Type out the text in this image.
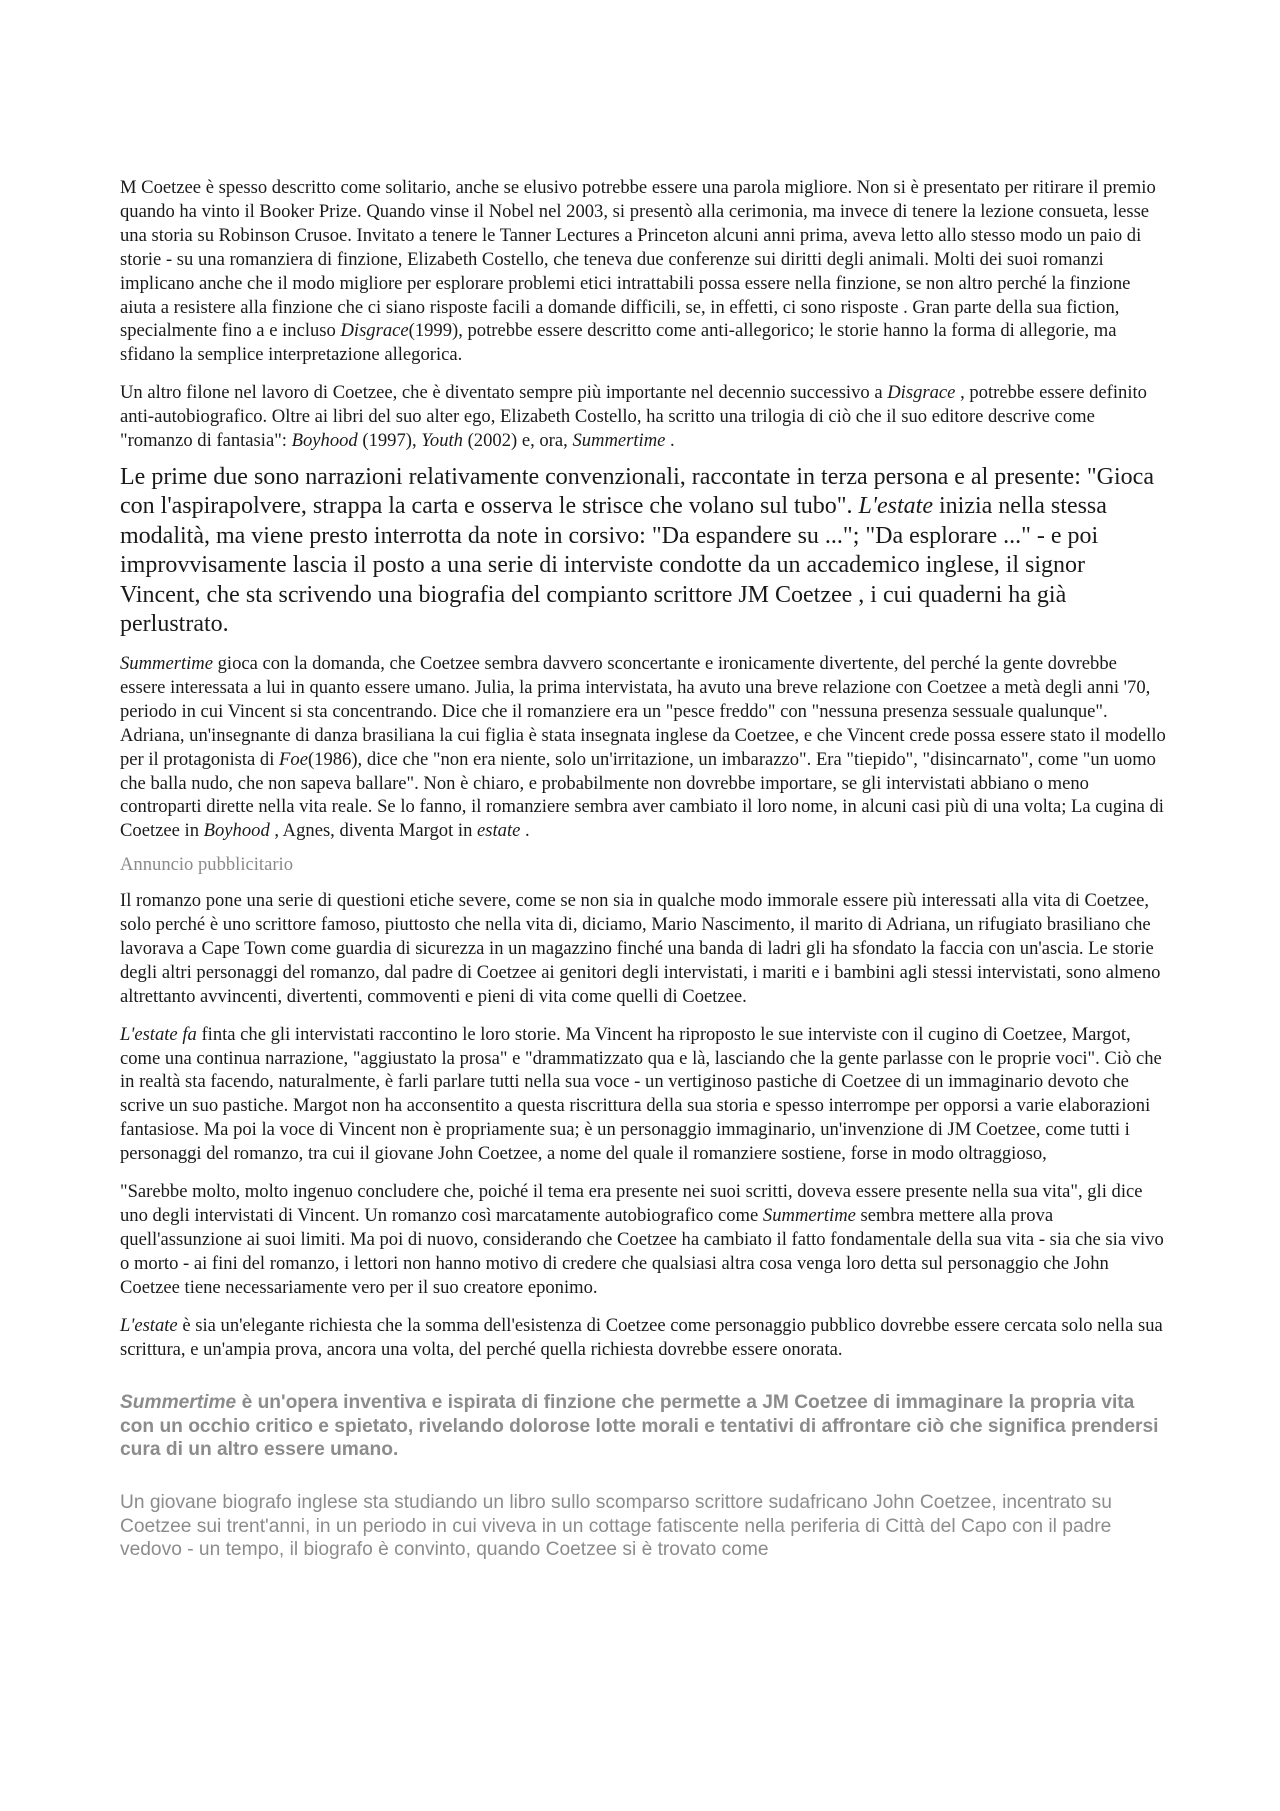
M Coetzee è spesso descritto come solitario, anche se elusivo potrebbe essere una parola migliore. Non si è presentato per ritirare il premio quando ha vinto il Booker Prize. Quando vinse il Nobel nel 2003, si presentò alla cerimonia, ma invece di tenere la lezione consueta, lesse una storia su Robinson Crusoe. Invitato a tenere le Tanner Lectures a Princeton alcuni anni prima, aveva letto allo stesso modo un paio di storie - su una romanziera di finzione, Elizabeth Costello, che teneva due conferenze sui diritti degli animali. Molti dei suoi romanzi implicano anche che il modo migliore per esplorare problemi etici intrattabili possa essere nella finzione, se non altro perché la finzione aiuta a resistere alla finzione che ci siano risposte facili a domande difficili, se, in effetti, ci sono risposte . Gran parte della sua fiction, specialmente fino a e incluso Disgrace(1999), potrebbe essere descritto come anti-allegorico; le storie hanno la forma di allegorie, ma sfidano la semplice interpretazione allegorica.

Un altro filone nel lavoro di Coetzee, che è diventato sempre più importante nel decennio successivo a Disgrace , potrebbe essere definito anti-autobiografico. Oltre ai libri del suo alter ego, Elizabeth Costello, ha scritto una trilogia di ciò che il suo editore descrive come "romanzo di fantasia": Boyhood (1997), Youth (2002) e, ora, Summertime .

Le prime due sono narrazioni relativamente convenzionali, raccontate in terza persona e al presente: "Gioca con l'aspirapolvere, strappa la carta e osserva le strisce che volano sul tubo". L'estate inizia nella stessa modalità, ma viene presto interrotta da note in corsivo: "Da espandere su ..."; "Da esplorare ..." - e poi improvvisamente lascia il posto a una serie di interviste condotte da un accademico inglese, il signor Vincent, che sta scrivendo una biografia del compianto scrittore JM Coetzee , i cui quaderni ha già perlustrato.

Summertime gioca con la domanda, che Coetzee sembra davvero sconcertante e ironicamente divertente, del perché la gente dovrebbe essere interessata a lui in quanto essere umano. Julia, la prima intervistata, ha avuto una breve relazione con Coetzee a metà degli anni '70, periodo in cui Vincent si sta concentrando. Dice che il romanziere era un "pesce freddo" con "nessuna presenza sessuale qualunque". Adriana, un'insegnante di danza brasiliana la cui figlia è stata insegnata inglese da Coetzee, e che Vincent crede possa essere stato il modello per il protagonista di Foe(1986), dice che "non era niente, solo un'irritazione, un imbarazzo". Era "tiepido", "disincarnato", come "un uomo che balla nudo, che non sapeva ballare". Non è chiaro, e probabilmente non dovrebbe importare, se gli intervistati abbiano o meno controparti dirette nella vita reale. Se lo fanno, il romanziere sembra aver cambiato il loro nome, in alcuni casi più di una volta; La cugina di Coetzee in Boyhood , Agnes, diventa Margot in estate .

Annuncio pubblicitario

Il romanzo pone una serie di questioni etiche severe, come se non sia in qualche modo immorale essere più interessati alla vita di Coetzee, solo perché è uno scrittore famoso, piuttosto che nella vita di, diciamo, Mario Nascimento, il marito di Adriana, un rifugiato brasiliano che lavorava a Cape Town come guardia di sicurezza in un magazzino finché una banda di ladri gli ha sfondato la faccia con un'ascia. Le storie degli altri personaggi del romanzo, dal padre di Coetzee ai genitori degli intervistati, i mariti e i bambini agli stessi intervistati, sono almeno altrettanto avvincenti, divertenti, commoventi e pieni di vita come quelli di Coetzee.

L'estate fa finta che gli intervistati raccontino le loro storie. Ma Vincent ha riproposto le sue interviste con il cugino di Coetzee, Margot, come una continua narrazione, "aggiustato la prosa" e "drammatizzato qua e là, lasciando che la gente parlasse con le proprie voci". Ciò che in realtà sta facendo, naturalmente, è farli parlare tutti nella sua voce - un vertiginoso pastiche di Coetzee di un immaginario devoto che scrive un suo pastiche. Margot non ha acconsentito a questa riscrittura della sua storia e spesso interrompe per opporsi a varie elaborazioni fantasiose. Ma poi la voce di Vincent non è propriamente sua; è un personaggio immaginario, un'invenzione di JM Coetzee, come tutti i personaggi del romanzo, tra cui il giovane John Coetzee, a nome del quale il romanziere sostiene, forse in modo oltraggioso,

"Sarebbe molto, molto ingenuo concludere che, poiché il tema era presente nei suoi scritti, doveva essere presente nella sua vita", gli dice uno degli intervistati di Vincent. Un romanzo così marcatamente autobiografico come Summertime sembra mettere alla prova quell'assunzione ai suoi limiti. Ma poi di nuovo, considerando che Coetzee ha cambiato il fatto fondamentale della sua vita - sia che sia vivo o morto - ai fini del romanzo, i lettori non hanno motivo di credere che qualsiasi altra cosa venga loro detta sul personaggio che John Coetzee tiene necessariamente vero per il suo creatore eponimo.

L'estate è sia un'elegante richiesta che la somma dell'esistenza di Coetzee come personaggio pubblico dovrebbe essere cercata solo nella sua scrittura, e un'ampia prova, ancora una volta, del perché quella richiesta dovrebbe essere onorata.

Summertime è un'opera inventiva e ispirata di finzione che permette a JM Coetzee di immaginare la propria vita con un occhio critico e spietato, rivelando dolorose lotte morali e tentativi di affrontare ciò che significa prendersi cura di un altro essere umano.

Un giovane biografo inglese sta studiando un libro sullo scomparso scrittore sudafricano John Coetzee, incentrato su Coetzee sui trent'anni, in un periodo in cui viveva in un cottage fatiscente nella periferia di Città del Capo con il padre vedovo - un tempo, il biografo è convinto, quando Coetzee si è trovato come
